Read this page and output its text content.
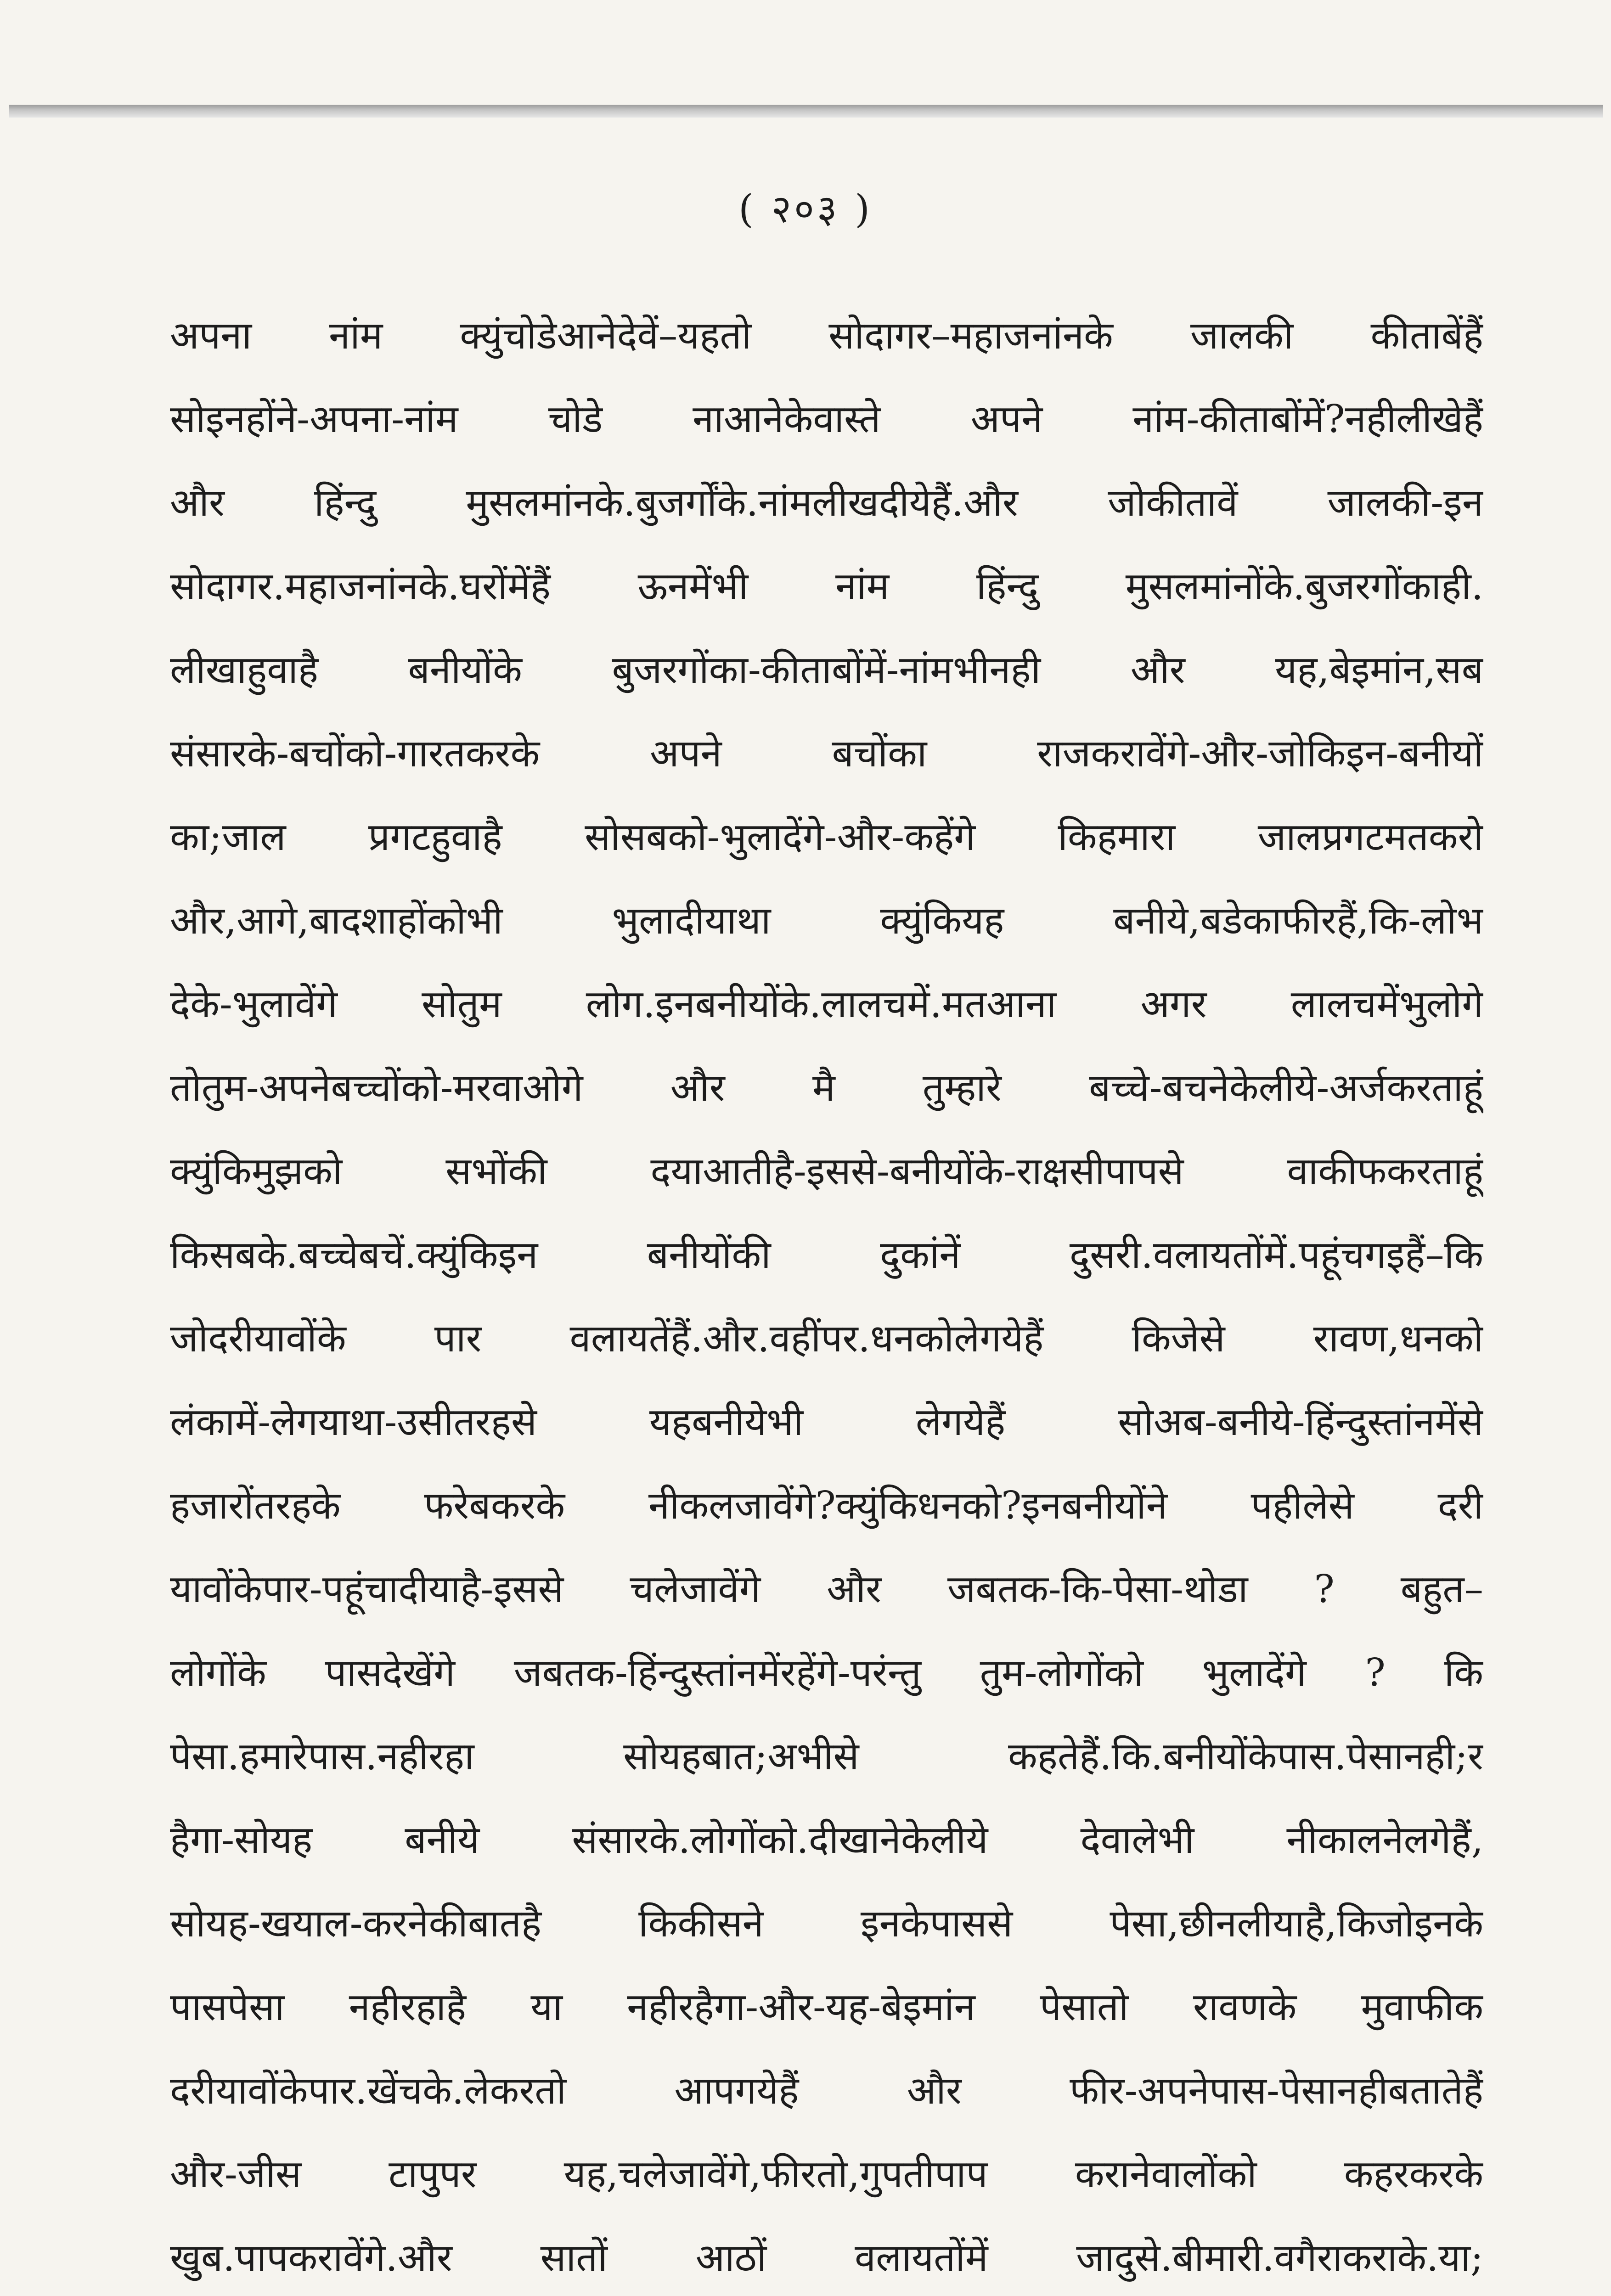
( २०३ )
अपना नांम क्युंचोडेआनेदेवें–यहतो सोदागर–महाजनांनके जालकी कीताबेंहैं
सोइनहोंने-अपना-नांम चोडे नाआनेकेवास्ते अपने नांम-कीताबोंमें?नहीलीखेहैं
और हिंन्दु मुसलमांनके.बुजर्गोंके.नांमलीखदीयेहैं.और जोकीतावें जालकी-इन
सोदागर.महाजनांनके.घरोंमेंहैं ऊनमेंभी नांम हिंन्दु मुसलमांनोंके.बुजरगोंकाही.
लीखाहुवाहै बनीयोंके बुजरगोंका-कीताबोंमें-नांमभीनही और यह,बेइमांन,सब
संसारके-बचोंको-गारतकरके अपने बचोंका राजकरावेंगे-और-जोकिइन-बनीयों
का;जाल प्रगटहुवाहै सोसबको-भुलादेंगे-और-कहेंगे किहमारा जालप्रगटमतकरो
और,आगे,बादशाहोंकोभी भुलादीयाथा क्युंकियह बनीये,बडेकाफीरहैं,कि-लोभ
देके-भुलावेंगे सोतुम लोग.इनबनीयोंके.लालचमें.मतआना अगर लालचमेंभुलोगे
तोतुम-अपनेबच्चोंको-मरवाओगे और मै तुम्हारे बच्चे-बचनेकेलीये-अर्जकरताहूं
क्युंकिमुझको सभोंकी दयाआतीहै-इससे-बनीयोंके-राक्षसीपापसे वाकीफकरताहूं
किसबके.बच्चेबचें.क्युंकिइन बनीयोंकी दुकांनें दुसरी.वलायतोंमें.पहूंचगइहैं–कि
जोदरीयावोंके पार वलायतेंहैं.और.वहींपर.धनकोलेगयेहैं किजेसे रावण,धनको
लंकामें-लेगयाथा-उसीतरहसे यहबनीयेभी लेगयेहैं सोअब-बनीये-हिंन्दुस्तांनमेंसे
हजारोंतरहके फरेबकरके नीकलजावेंगे?क्युंकिधनको?इनबनीयोंने पहीलेसे दरी
यावोंकेपार-पहूंचादीयाहै-इससे चलेजावेंगे और जबतक-कि-पेसा-थोडा ? बहुत–
लोगोंके पासदेखेंगे जबतक-हिंन्दुस्तांनमेंरहेंगे-परंन्तु तुम-लोगोंको भुलादेंगे ? कि
पेसा.हमारेपास.नहीरहा सोयहबात;अभीसे कहतेहैं.कि.बनीयोंकेपास.पेसानही;र
हैगा-सोयह बनीये संसारके.लोगोंको.दीखानेकेलीये देवालेभी नीकालनेलगेहैं,
सोयह-खयाल-करनेकीबातहै किकीसने इनकेपाससे पेसा,छीनलीयाहै,किजोइनके
पासपेसा नहीरहाहै या नहीरहैगा-और-यह-बेइमांन पेसातो रावणके मुवाफीक
दरीयावोंकेपार.खेंचके.लेकरतो आपगयेहैं और फीर-अपनेपास-पेसानहीबतातेहैं
और-जीस टापुपर यह,चलेजावेंगे,फीरतो,गुपतीपाप करानेवालोंको कहरकरके
खुब.पापकरावेंगे.और सातों आठों वलायतोंमें जादुसे.बीमारी.वगैराकराके.या;
